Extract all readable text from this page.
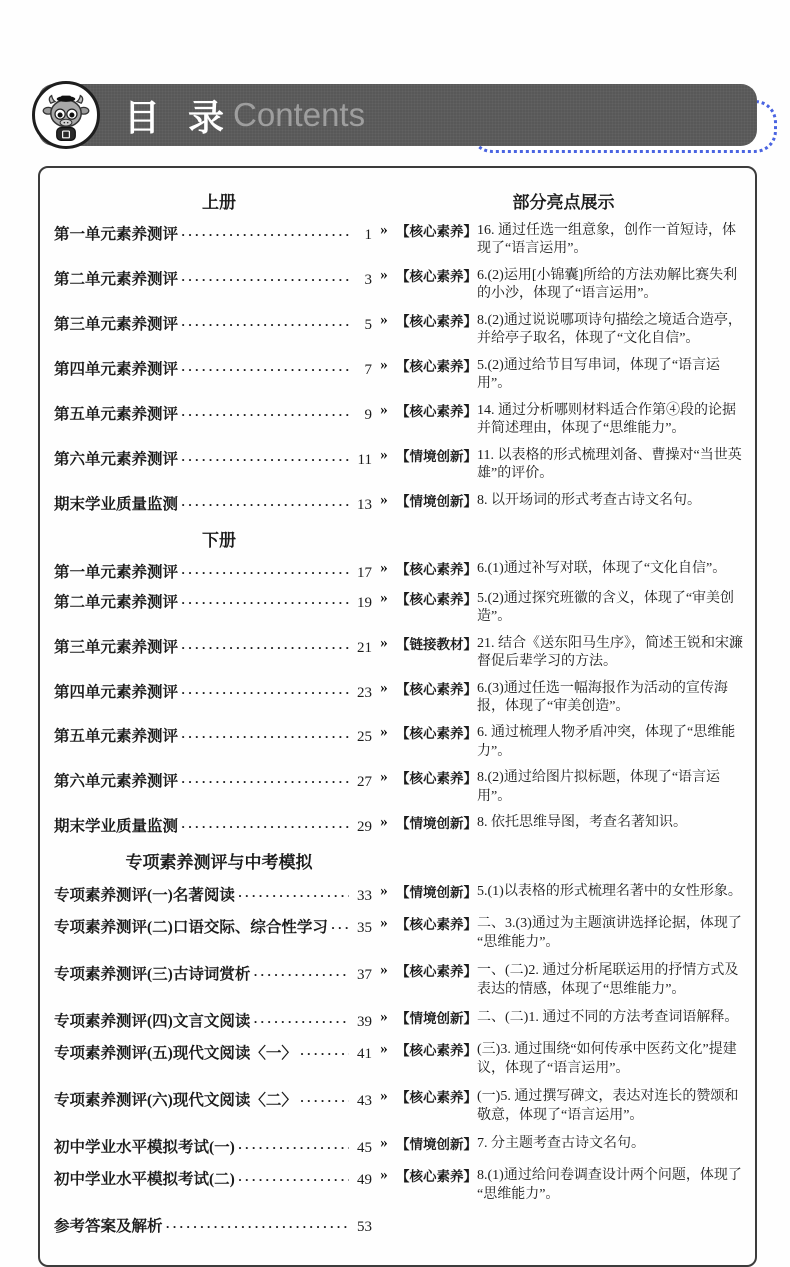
目 录 Contents
上册	部分亮点展示
第一单元素养测评 ·····	1 » 【核心素养】 16. 通过任选一组意象，创作一首短诗，体现了“语言运用”。
第二单元素养测评 ·····	3 » 【核心素养】 6.(2)运用[小锦囊]所给的方法劝解比赛失利的小沙，体现了“语言运用”。
第三单元素养测评 ·····	5 » 【核心素养】 8.(2)通过说说哪项诗句描绘之境适合造亭，并给亭子取名，体现了“文化自信”。
第四单元素养测评 ·····	7 » 【核心素养】 5.(2)通过给节目写串词，体现了“语言运用”。
第五单元素养测评 ·····	9 » 【核心素养】 14. 通过分析哪则材料适合作第④段的论据并简述理由，体现了“思维能力”。
第六单元素养测评 ·····	11 » 【情境创新】 11. 以表格的形式梳理刘备、曹操对“当世英雄”的评价。
期末学业质量监测 ·····	13 » 【情境创新】 8. 以开场词的形式考查古诗文名句。
下册
第一单元素养测评 ·····	17 » 【核心素养】 6.(1)通过补写对联，体现了“文化自信”。
第二单元素养测评 ·····	19 » 【核心素养】 5.(2)通过探究班徽的含义，体现了“审美创造”。
第三单元素养测评 ·····	21 » 【链接教材】 21. 结合《送东阳马生序》，简述王锐和宋濂督促后辈学习的方法。
第四单元素养测评 ·····	23 » 【核心素养】 6.(3)通过任选一幅海报作为活动的宣传海报，体现了“审美创造”。
第五单元素养测评 ·····	25 » 【核心素养】 6. 通过梳理人物矛盾冲突，体现了“思维能力”。
第六单元素养测评 ·····	27 » 【核心素养】 8.(2)通过给图片拟标题，体现了“语言运用”。
期末学业质量监测 ·····	29 » 【情境创新】 8. 依托思维导图，考查名著知识。
专项素养测评与中考模拟
专项素养测评(一)名著阅读 ·····	33 » 【情境创新】 5.(1)以表格的形式梳理名著中的女性形象。
专项素养测评(二)口语交际、综合性学习 ·····	35 » 【核心素养】 二、3.(3)通过为主题演讲选择论据，体现了“思维能力”。
专项素养测评(三)古诗词赏析 ·····	37 » 【核心素养】 一、(二)2. 通过分析尾联运用的抒情方式及表达的情感，体现了“思维能力”。
专项素养测评(四)文言文阅读 ·····	39 » 【情境创新】 二、(二)1. 通过不同的方法考查词语解释。
专项素养测评(五)现代文阅读〈一〉 ·····	41 » 【核心素养】 (三)3. 通过围绕“如何传承中医药文化”提建议，体现了“语言运用”。
专项素养测评(六)现代文阅读〈二〉 ·····	43 » 【核心素养】 (一)5. 通过撰写碑文，表达对连长的赞颂和敬意，体现了“语言运用”。
初中学业水平模拟考试(一) ·····	45 » 【情境创新】 7. 分主题考查古诗文名句。
初中学业水平模拟考试(二) ·····	49 » 【核心素养】 8.(1)通过给问卷调查设计两个问题，体现了“思维能力”。
参考答案及解析 ·····	53
